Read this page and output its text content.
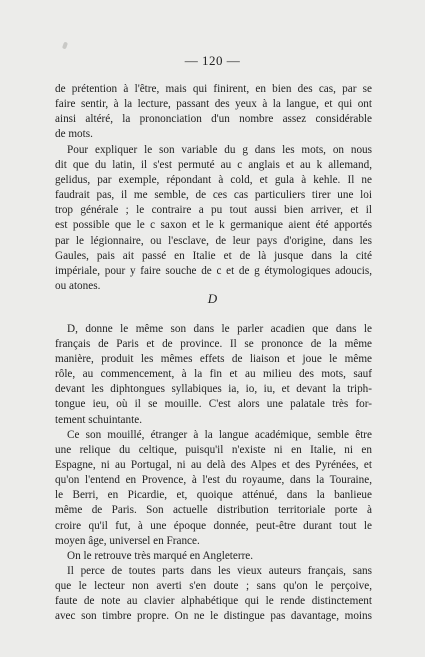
— 120 —
de prétention à l'être, mais qui finirent, en bien des cas, par se
faire sentir, à la lecture, passant des yeux à la langue, et qui ont
ainsi altéré, la prononciation d'un nombre assez considérable
de mots.
Pour expliquer le son variable du g dans les mots, on nous
dit que du latin, il s'est permuté au c anglais et au k allemand,
gelidus, par exemple, répondant à cold, et gula à kehle. Il ne
faudrait pas, il me semble, de ces cas particuliers tirer une loi
trop générale ; le contraire a pu tout aussi bien arriver, et il
est possible que le c saxon et le k germanique aient été apportés
par le légionnaire, ou l'esclave, de leur pays d'origine, dans les
Gaules, pais ait passé en Italie et de là jusque dans la cité
impériale, pour y faire souche de c et de g étymologiques adoucis,
ou atones.
D
D, donne le même son dans le parler acadien que dans le
français de Paris et de province. Il se prononce de la même
manière, produit les mêmes effets de liaison et joue le même
rôle, au commencement, à la fin et au milieu des mots, sauf
devant les diphtongues syllabiques ia, io, iu, et devant la triph-
tongue ieu, où il se mouille. C'est alors une palatale très for-
tement schuintante.
Ce son mouillé, étranger à la langue académique, semble être
une relique du celtique, puisqu'il n'existe ni en Italie, ni en
Espagne, ni au Portugal, ni au delà des Alpes et des Pyrénées, et
qu'on l'entend en Provence, à l'est du royaume, dans la Touraine,
le Berri, en Picardie, et, quoique atténué, dans la banlieue
même de Paris. Son actuelle distribution territoriale porte à
croire qu'il fut, à une époque donnée, peut-être durant tout le
moyen âge, universel en France.
On le retrouve très marqué en Angleterre.
Il perce de toutes parts dans les vieux auteurs français, sans
que le lecteur non averti s'en doute ; sans qu'on le perçoive,
faute de note au clavier alphabétique qui le rende distinctement
avec son timbre propre. On ne le distingue pas davantage, moins
